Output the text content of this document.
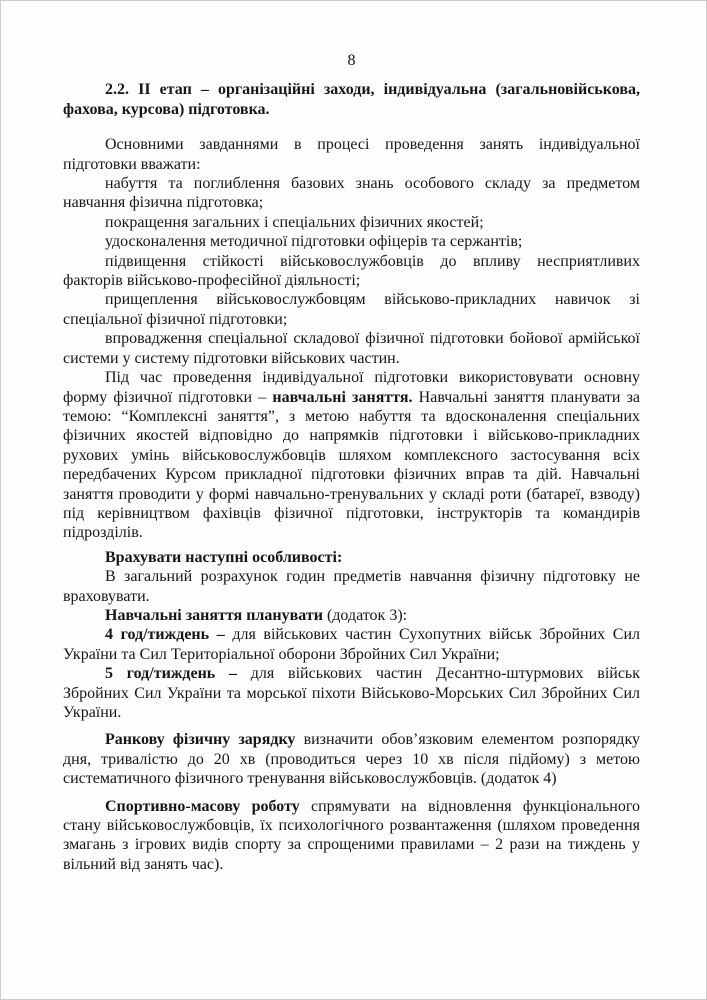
8

2.2. II етап – організаційні заходи, індивідуальна (загальновійськова, фахова, курсова) підготовка.

Основними завданнями в процесі проведення занять індивідуальної підготовки вважати:

набуття та поглиблення базових знань особового складу за предметом навчання фізична підготовка;

покращення загальних і спеціальних фізичних якостей;

удосконалення методичної підготовки офіцерів та сержантів;

підвищення стійкості військовослужбовців до впливу несприятливих факторів військово-професійної діяльності;

прищеплення військовослужбовцям військово-прикладних навичок зі спеціальної фізичної підготовки;

впровадження спеціальної складової фізичної підготовки бойової армійської системи у систему підготовки військових частин.

Під час проведення індивідуальної підготовки використовувати основну форму фізичної підготовки – навчальні заняття. Навчальні заняття планувати за темою: “Комплексні заняття”, з метою набуття та вдосконалення спеціальних фізичних якостей відповідно до напрямків підготовки і військово-прикладних рухових умінь військовослужбовців шляхом комплексного застосування всіх передбачених Курсом прикладної підготовки фізичних вправ та дій. Навчальні заняття проводити у формі навчально-тренувальних у складі роти (батареї, взводу) під керівництвом фахівців фізичної підготовки, інструкторів та командирів підрозділів.

Врахувати наступні особливості:

В загальний розрахунок годин предметів навчання фізичну підготовку не враховувати.

Навчальні заняття планувати (додаток 3):

4 год/тиждень – для військових частин Сухопутних військ Збройних Сил України та Сил Територіальної оборони Збройних Сил України;

5 год/тиждень – для військових частин Десантно-штурмових військ Збройних Сил України та морської піхоти Військово-Морських Сил Збройних Сил України.

Ранкову фізичну зарядку визначити обов’язковим елементом розпорядку дня, тривалістю до 20 хв (проводиться через 10 хв після підйому) з метою систематичного фізичного тренування військовослужбовців. (додаток 4)

Спортивно-масову роботу спрямувати на відновлення функціонального стану військовослужбовців, їх психологічного розвантаження (шляхом проведення змагань з ігрових видів спорту за спрощеними правилами – 2 рази на тиждень у вільний від занять час).
